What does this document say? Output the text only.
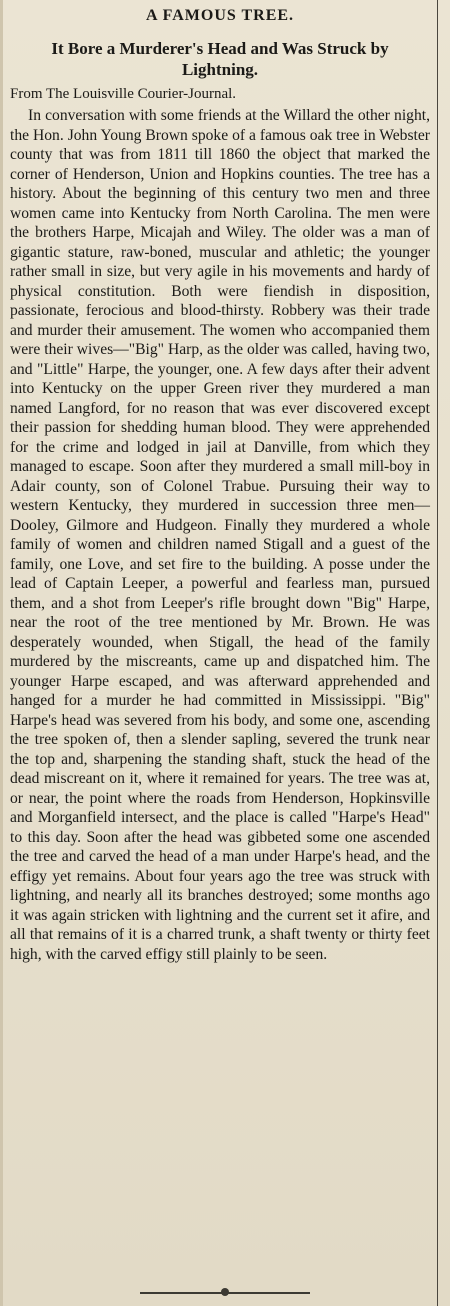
A FAMOUS TREE.
It Bore a Murderer's Head and Was Struck by Lightning.

From The Louisville Courier-Journal.

In conversation with some friends at the Willard the other night, the Hon. John Young Brown spoke of a famous oak tree in Webster county that was from 1811 till 1860 the object that marked the corner of Henderson, Union and Hopkins counties. The tree has a history. About the beginning of this century two men and three women came into Kentucky from North Carolina. The men were the brothers Harpe, Micajah and Wiley. The older was a man of gigantic stature, raw-boned, muscular and athletic; the younger rather small in size, but very agile in his movements and hardy of physical constitution. Both were fiendish in disposition, passionate, ferocious and blood-thirsty. Robbery was their trade and murder their amusement. The women who accompanied them were their wives—"Big" Harp, as the older was called, having two, and "Little" Harpe, the younger, one. A few days after their advent into Kentucky on the upper Green river they murdered a man named Langford, for no reason that was ever discovered except their passion for shedding human blood. They were apprehended for the crime and lodged in jail at Danville, from which they managed to escape. Soon after they murdered a small mill-boy in Adair county, son of Colonel Trabue. Pursuing their way to western Kentucky, they murdered in succession three men—Dooley, Gilmore and Hudgeon. Finally they murdered a whole family of women and children named Stigall and a guest of the family, one Love, and set fire to the building. A posse under the lead of Captain Leeper, a powerful and fearless man, pursued them, and a shot from Leeper's rifle brought down "Big" Harpe, near the root of the tree mentioned by Mr. Brown. He was desperately wounded, when Stigall, the head of the family murdered by the miscreants, came up and dispatched him. The younger Harpe escaped, and was afterward apprehended and hanged for a murder he had committed in Mississippi. "Big" Harpe's head was severed from his body, and some one, ascending the tree spoken of, then a slender sapling, severed the trunk near the top and, sharpening the standing shaft, stuck the head of the dead miscreant on it, where it remained for years. The tree was at, or near, the point where the roads from Henderson, Hopkinsville and Morganfield intersect, and the place is called "Harpe's Head" to this day. Soon after the head was gibbeted some one ascended the tree and carved the head of a man under Harpe's head, and the effigy yet remains. About four years ago the tree was struck with lightning, and nearly all its branches destroyed; some months ago it was again stricken with lightning and the current set it afire, and all that remains of it is a charred trunk, a shaft twenty or thirty feet high, with the carved effigy still plainly to be seen.
